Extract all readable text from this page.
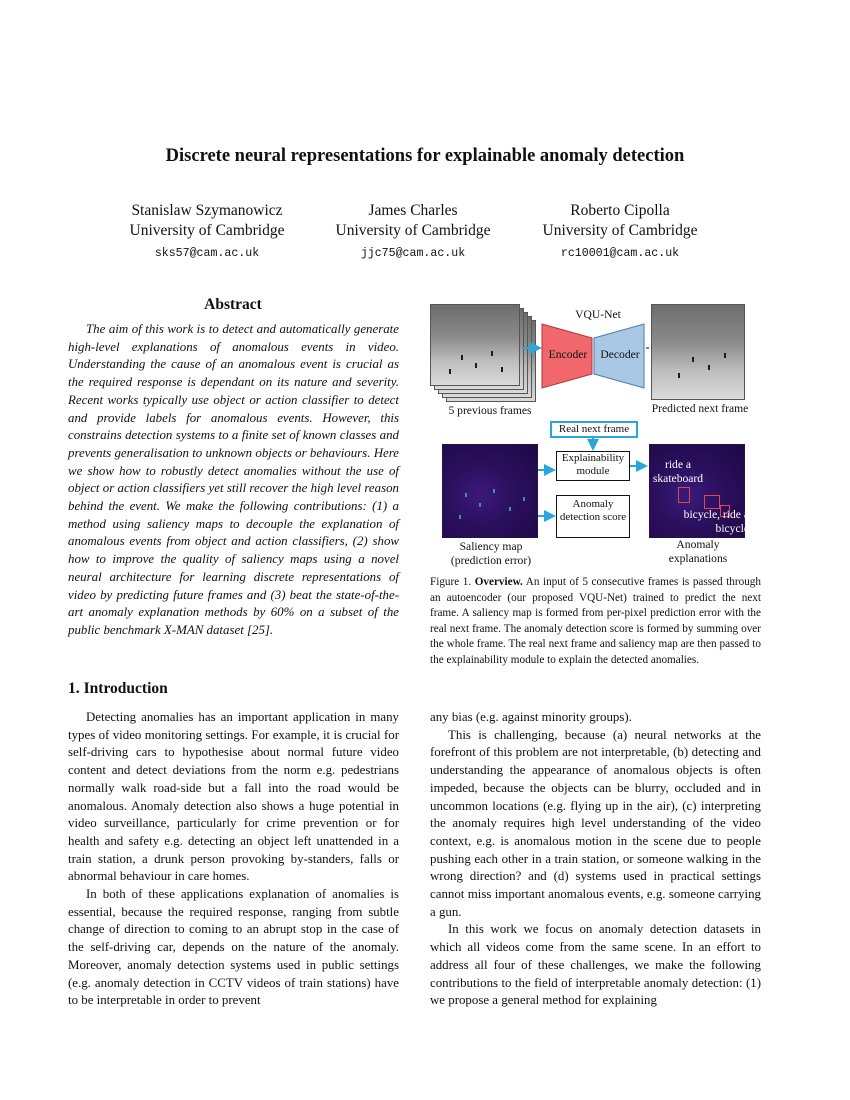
Discrete neural representations for explainable anomaly detection
Stanislaw Szymanowicz
University of Cambridge
sks57@cam.ac.uk
James Charles
University of Cambridge
jjc75@cam.ac.uk
Roberto Cipolla
University of Cambridge
rc10001@cam.ac.uk
Abstract

The aim of this work is to detect and automatically generate high-level explanations of anomalous events in video. Understanding the cause of an anomalous event is crucial as the required response is dependant on its nature and severity. Recent works typically use object or action classifier to detect and provide labels for anomalous events. However, this constrains detection systems to a finite set of known classes and prevents generalisation to unknown objects or behaviours. Here we show how to robustly detect anomalies without the use of object or action classifiers yet still recover the high level reason behind the event. We make the following contributions: (1) a method using saliency maps to decouple the explanation of anomalous events from object and action classifiers, (2) show how to improve the quality of saliency maps using a novel neural architecture for learning discrete representations of video by predicting future frames and (3) beat the state-of-the-art anomaly explanation methods by 60% on a subset of the public benchmark X-MAN dataset [25].

1. Introduction

Detecting anomalies has an important application in many types of video monitoring settings. For example, it is crucial for self-driving cars to hypothesise about normal future video content and detect deviations from the norm e.g. pedestrians normally walk road-side but a fall into the road would be anomalous. Anomaly detection also shows a huge potential in video surveillance, particularly for crime prevention or for health and safety e.g. detecting an object left unattended in a train station, a drunk person provoking by-standers, falls or abnormal behaviour in care homes.

In both of these applications explanation of anomalies is essential, because the required response, ranging from subtle change of direction to coming to an abrupt stop in the case of the self-driving car, depends on the nature of the anomaly. Moreover, anomaly detection systems used in public settings (e.g. anomaly detection in CCTV videos of train stations) have to be interpretable in order to prevent

any bias (e.g. against minority groups).

This is challenging, because (a) neural networks at the forefront of this problem are not interpretable, (b) detecting and understanding the appearance of anomalous objects is often impeded, because the objects can be blurry, occluded and in uncommon locations (e.g. flying up in the air), (c) interpreting the anomaly requires high level understanding of the video context, e.g. is anomalous motion in the scene due to people pushing each other in a train station, or someone walking in the wrong direction? and (d) systems used in practical settings cannot miss important anomalous events, e.g. someone carrying a gun.

In this work we focus on anomaly detection datasets in which all videos come from the same scene. In an effort to address all four of these challenges, we make the following contributions to the field of interpretable anomaly detection: (1) we propose a general method for explaining

5 previous frames
VQU-Net
Encoder	Decoder
Predicted next frame
Real next frame
Saliency map (prediction error)
Explainability module
Anomaly detection score
ride a skateboard
bicycle, ride a bicycle
Anomaly explanations
Figure 1. Overview. An input of 5 consecutive frames is passed through an autoencoder (our proposed VQU-Net) trained to predict the next frame. A saliency map is formed from per-pixel prediction error with the real next frame. The anomaly detection score is formed by summing over the whole frame. The real next frame and saliency map are then passed to the explainability module to explain the detected anomalies.
